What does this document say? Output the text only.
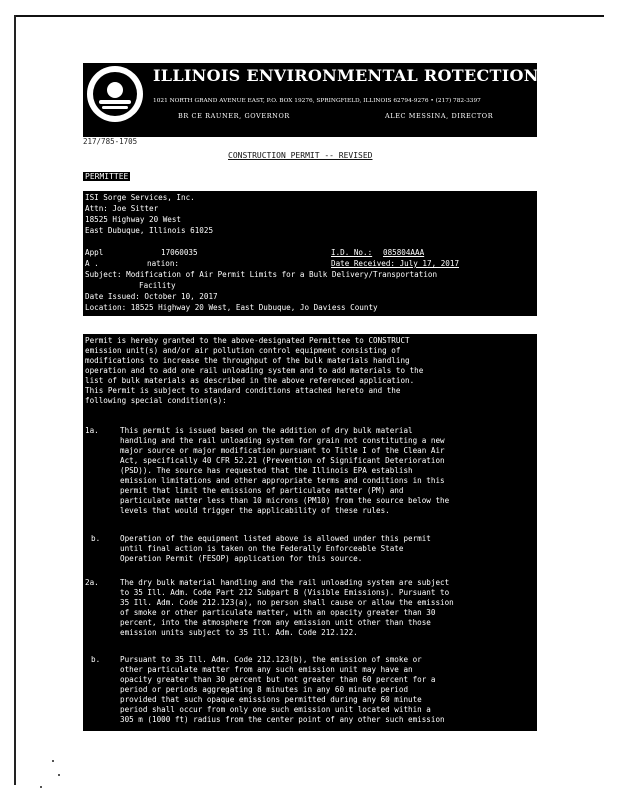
ILLINOIS ENVIRONMENTAL ROTECTION AGEN Y
1021 NORTH GRAND AVENUE EAST, P.O. BOX 19276, SPRINGFIELD, ILLINOIS 62794-9276 • (217) 782-3397
BR CE RAUNER, GOVERNOR	ALEC MESSINA, DIRECTOR
217/785-1705
CONSTRUCTION PERMIT -- REVISED
PERMITTEE
ISI Sorge Services, Inc.
Attn: Joe Sitter
18525 Highway 20 West
East Dubuque, Illinois 61025
Appl	17060035	I.D. No.: 085804AAA
A .	nation:	Date Received: July 17, 2017
Subject: Modification of Air Permit Limits for a Bulk Delivery/Transportation
Facility
Date Issued: October 10, 2017
Location: 18525 Highway 20 West, East Dubuque, Jo Daviess County
Permit is hereby granted to the above-designated Permittee to CONSTRUCT
emission unit(s) and/or air pollution control equipment consisting of
modifications to increase the throughput of the bulk materials handling
operation and to add one rail unloading system and to add materials to the
list of bulk materials as described in the above referenced application.
This Permit is subject to standard conditions attached hereto and the
following special condition(s):
1a.	This permit is issued based on the addition of dry bulk material
handling and the rail unloading system for grain not constituting a new
major source or major modification pursuant to Title I of the Clean Air
Act, specifically 40 CFR 52.21 (Prevention of Significant Deterioration
(PSD)). The source has requested that the Illinois EPA establish
emission limitations and other appropriate terms and conditions in this
permit that limit the emissions of particulate matter (PM) and
particulate matter less than 10 microns (PM10) from the source below the
levels that would trigger the applicability of these rules.
b.	Operation of the equipment listed above is allowed under this permit
until final action is taken on the Federally Enforceable State
Operation Permit (FESOP) application for this source.
2a.	The dry bulk material handling and the rail unloading system are subject
to 35 Ill. Adm. Code Part 212 Subpart B (Visible Emissions). Pursuant to
35 Ill. Adm. Code 212.123(a), no person shall cause or allow the emission
of smoke or other particulate matter, with an opacity greater than 30
percent, into the atmosphere from any emission unit other than those
emission units subject to 35 Ill. Adm. Code 212.122.
b.	Pursuant to 35 Ill. Adm. Code 212.123(b), the emission of smoke or
other particulate matter from any such emission unit may have an
opacity greater than 30 percent but not greater than 60 percent for a
period or periods aggregating 8 minutes in any 60 minute period
provided that such opaque emissions permitted during any 60 minute
period shall occur from only one such emission unit located within a
305 m (1000 ft) radius from the center point of any other such emission
